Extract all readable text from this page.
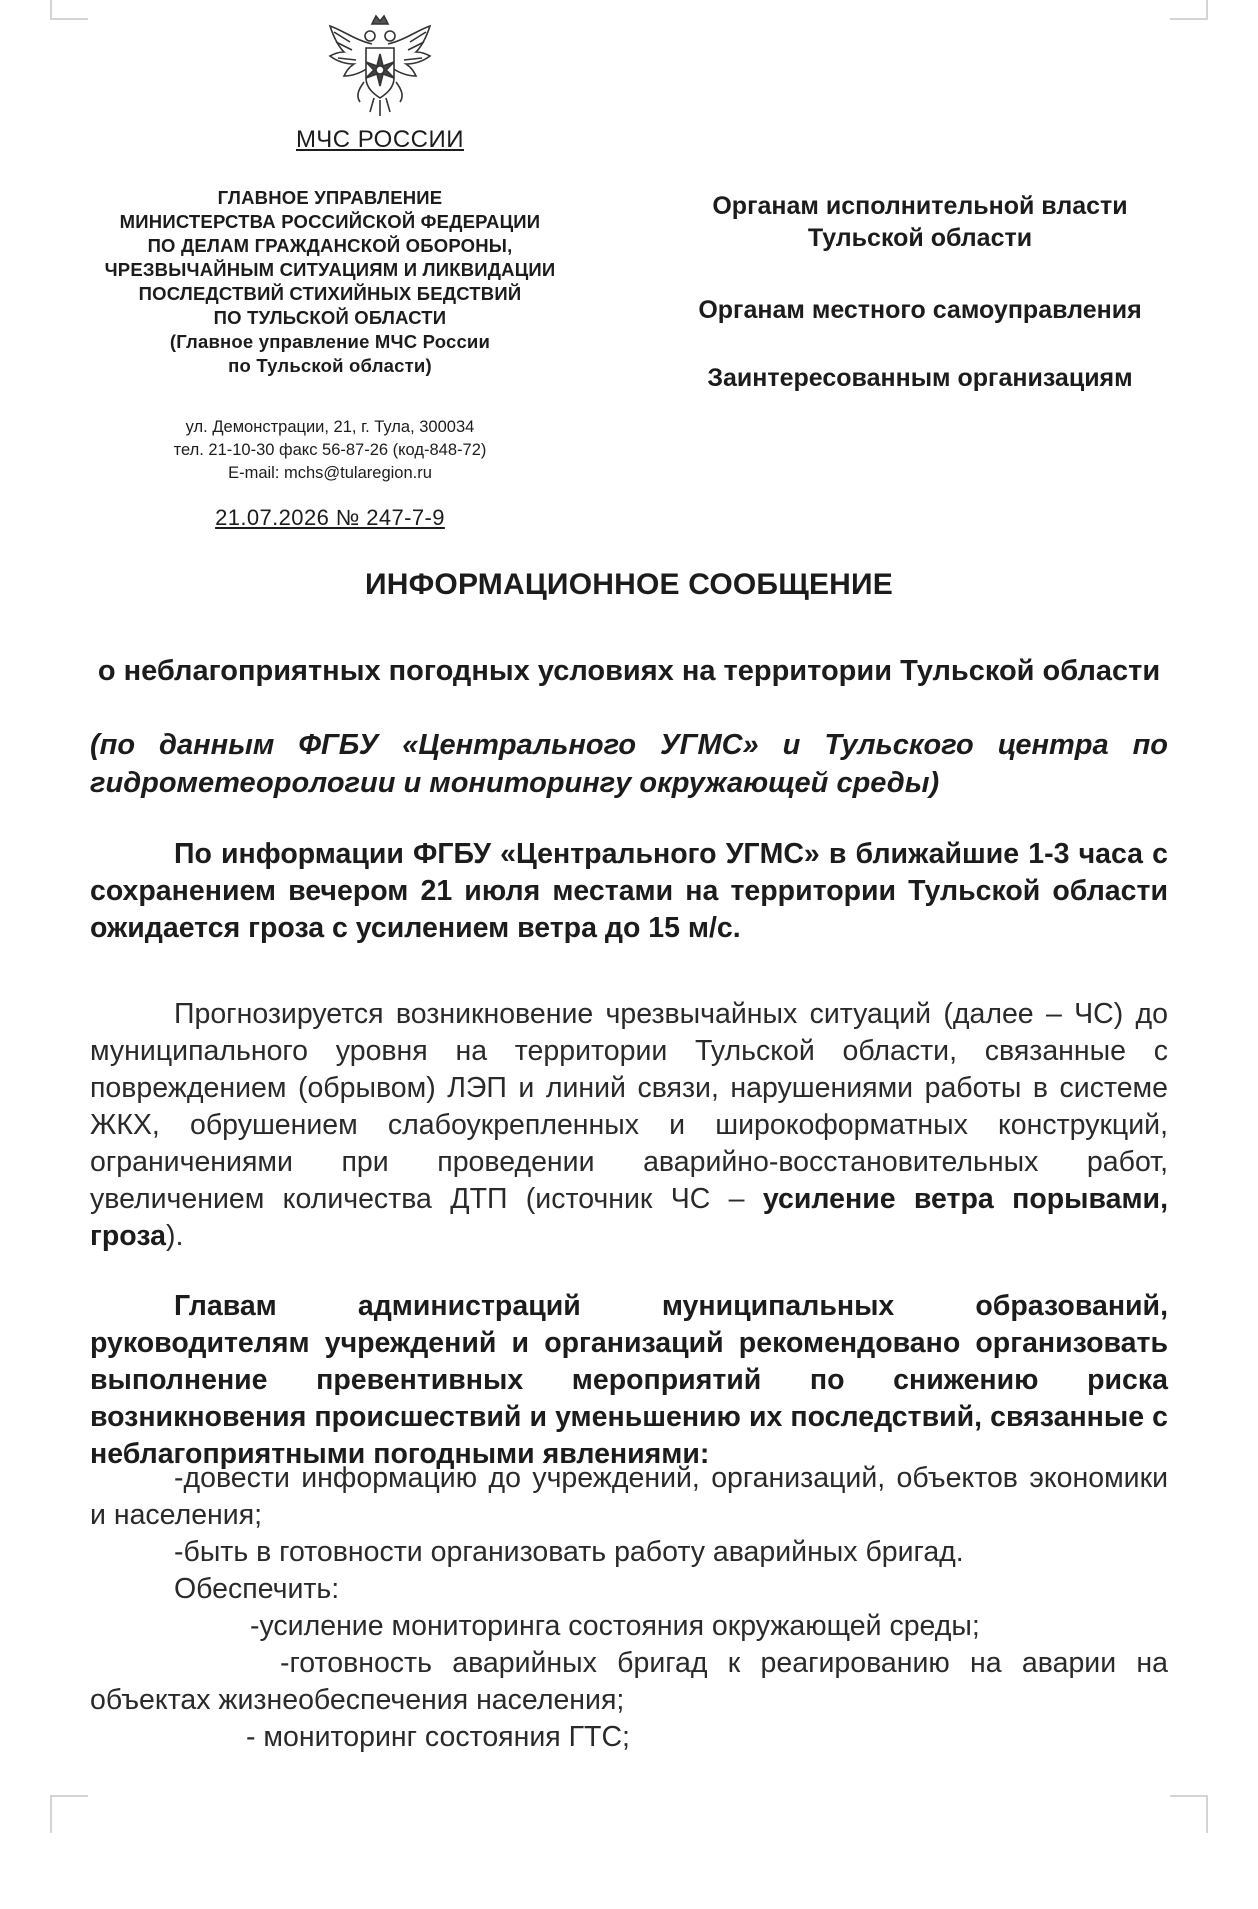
МЧС РОССИИ
ГЛАВНОЕ УПРАВЛЕНИЕ
МИНИСТЕРСТВА РОССИЙСКОЙ ФЕДЕРАЦИИ
ПО ДЕЛАМ ГРАЖДАНСКОЙ ОБОРОНЫ,
ЧРЕЗВЫЧАЙНЫМ СИТУАЦИЯМ И ЛИКВИДАЦИИ
ПОСЛЕДСТВИЙ СТИХИЙНЫХ БЕДСТВИЙ
ПО ТУЛЬСКОЙ ОБЛАСТИ
(Главное управление МЧС России
по Тульской области)
ул. Демонстрации, 21, г. Тула, 300034
тел. 21-10-30 факс 56-87-26 (код-848-72)
E-mail: mchs@tularegion.ru
21.07.2026 № 247-7-9
Органам исполнительной власти
Тульской области
Органам местного самоуправления
Заинтересованным организациям
ИНФОРМАЦИОННОЕ СООБЩЕНИЕ
о неблагоприятных погодных условиях на территории Тульской области
(по данным ФГБУ «Центрального УГМС» и Тульского центра по гидрометеорологии и мониторингу окружающей среды)
По информации ФГБУ «Центрального УГМС» в ближайшие 1-3 часа с сохранением вечером 21 июля местами на территории Тульской области ожидается гроза с усилением ветра до 15 м/с.
Прогнозируется возникновение чрезвычайных ситуаций (далее – ЧС) до муниципального уровня на территории Тульской области, связанные с повреждением (обрывом) ЛЭП и линий связи, нарушениями работы в системе ЖКХ, обрушением слабоукрепленных и широкоформатных конструкций, ограничениями при проведении аварийно-восстановительных работ, увеличением количества ДТП (источник ЧС – усиление ветра порывами, гроза).
Главам администраций муниципальных образований, руководителям учреждений и организаций рекомендовано организовать выполнение превентивных мероприятий по снижению риска возникновения происшествий и уменьшению их последствий, связанные с неблагоприятными погодными явлениями:
-довести информацию до учреждений, организаций, объектов экономики и населения;
-быть в готовности организовать работу аварийных бригад.
Обеспечить:
-усиление мониторинга состояния окружающей среды;
-готовность аварийных бригад к реагированию на аварии на объектах жизнеобеспечения населения;
- мониторинг состояния ГТС;
